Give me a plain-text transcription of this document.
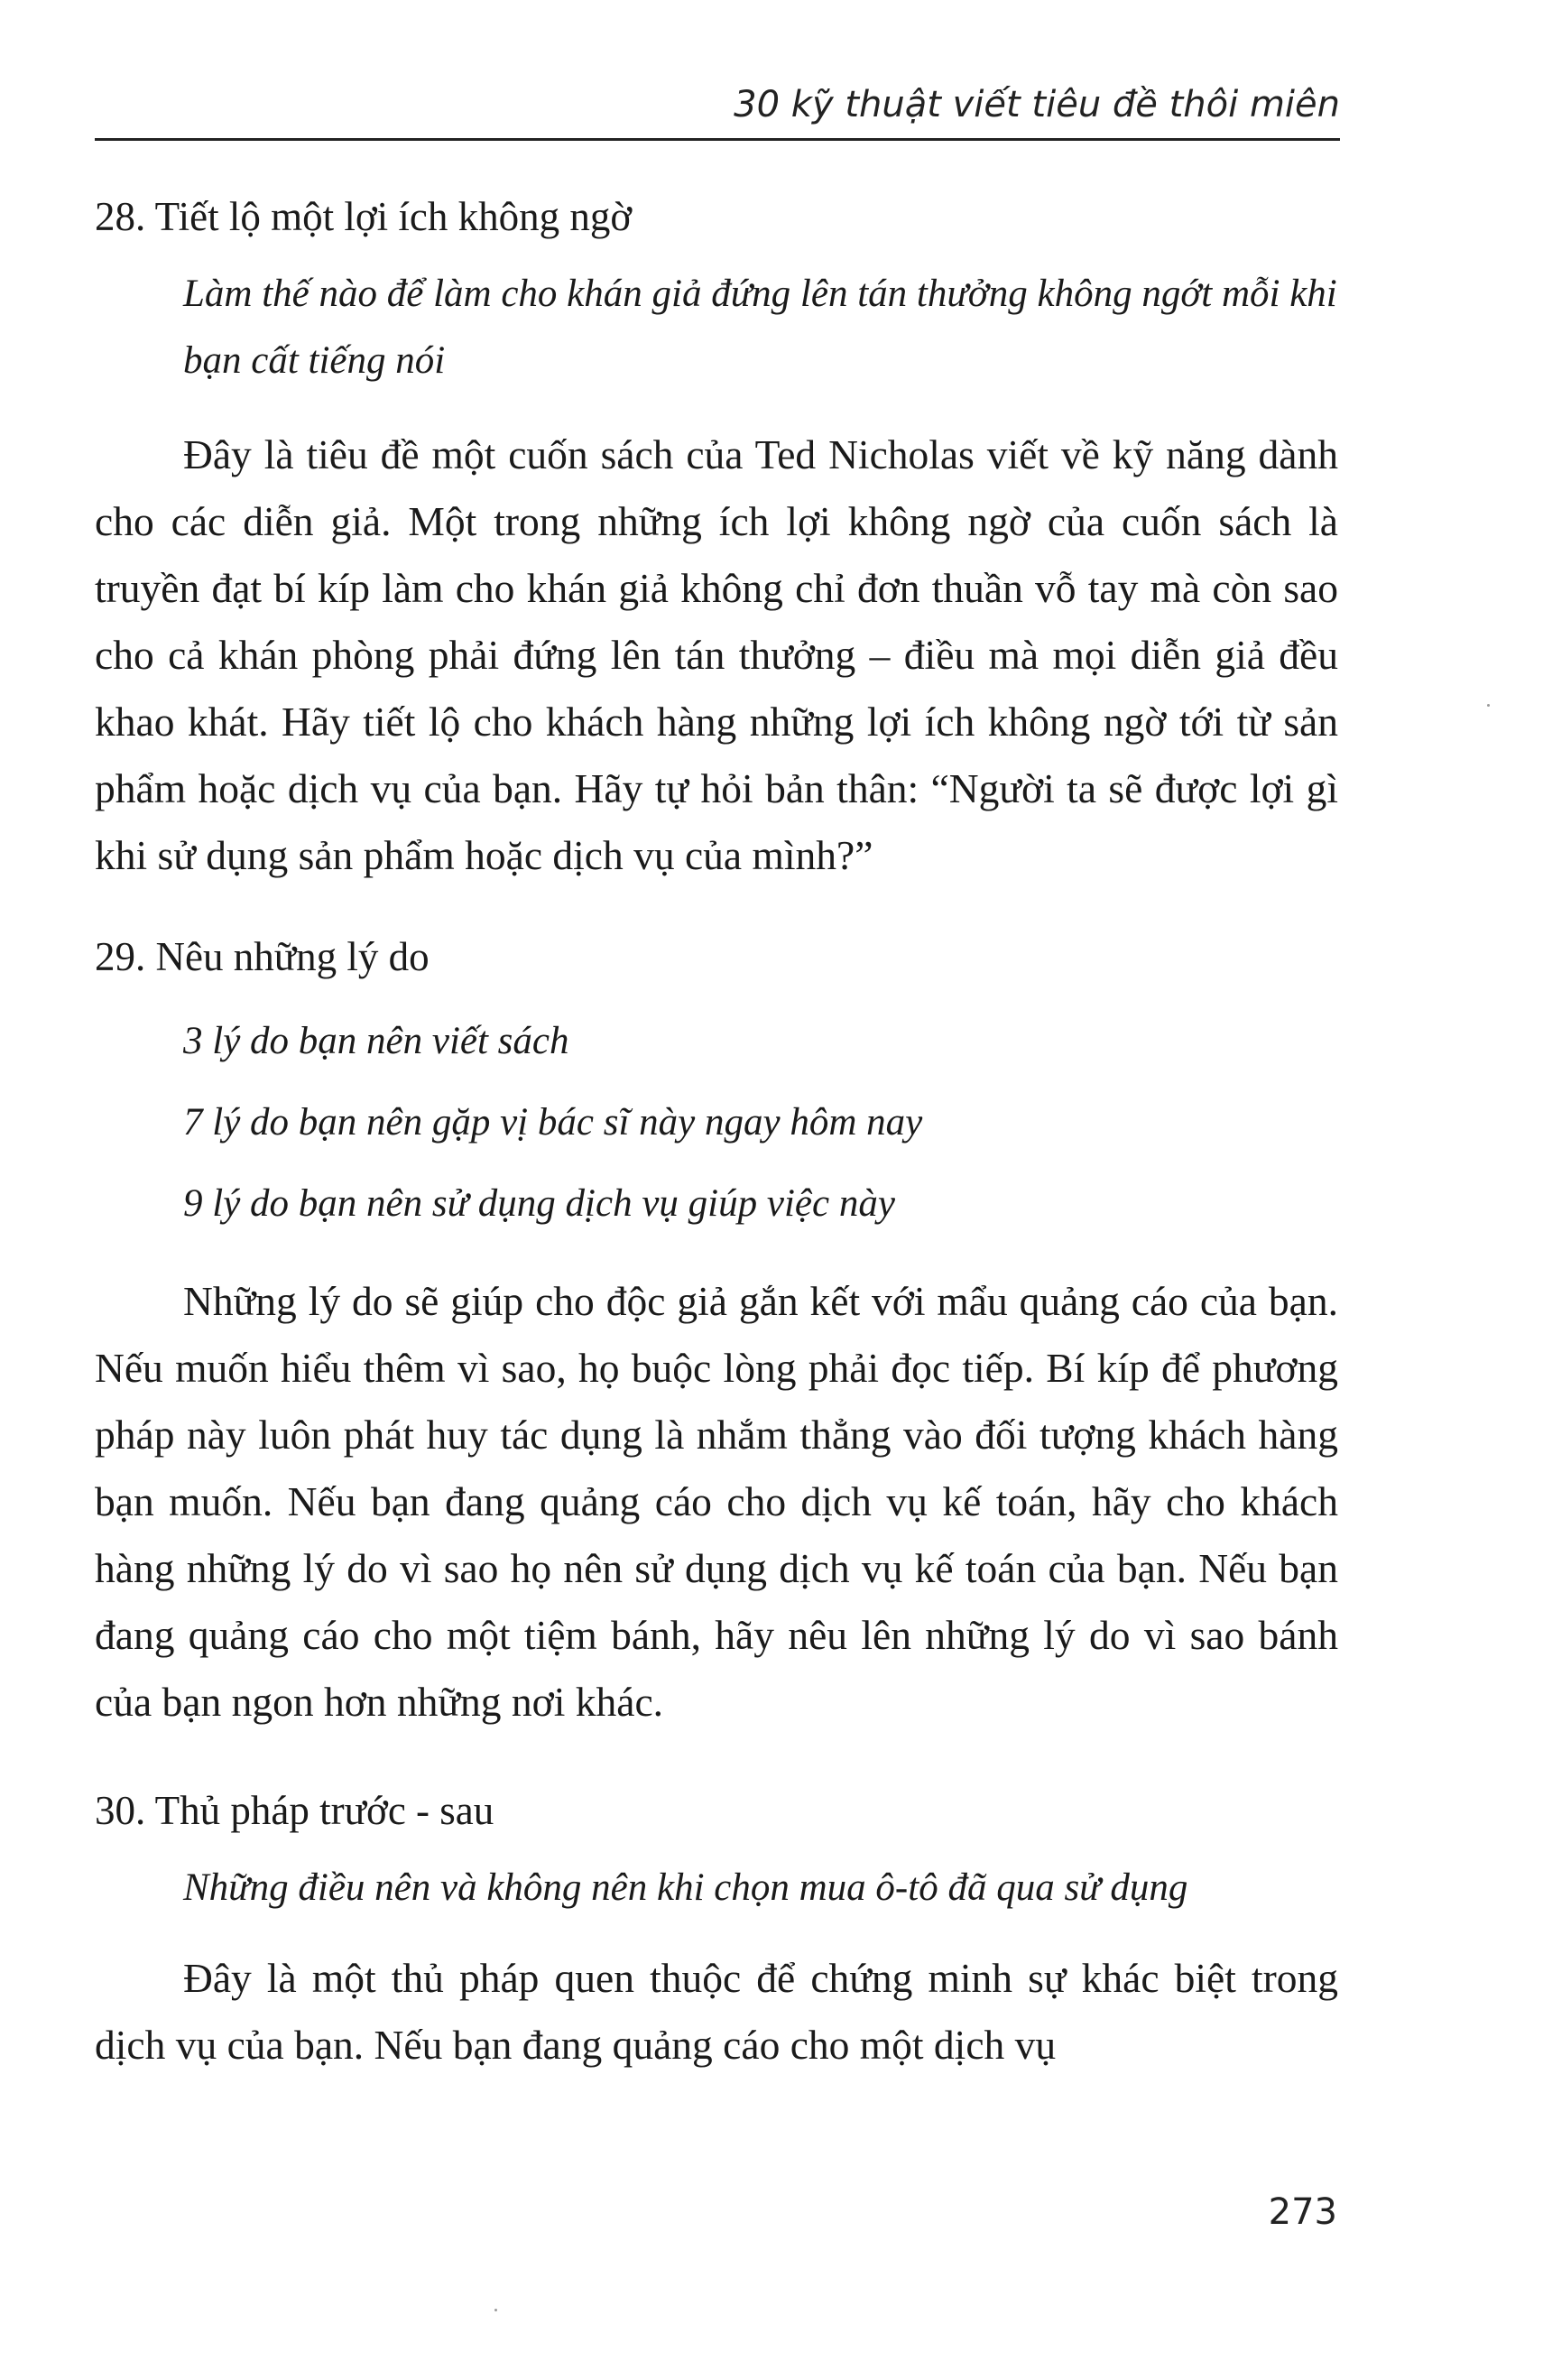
30 kỹ thuật viết tiêu đề thôi miên

28. Tiết lộ một lợi ích không ngờ

Làm thế nào để làm cho khán giả đứng lên tán thưởng không ngớt mỗi khi bạn cất tiếng nói

Đây là tiêu đề một cuốn sách của Ted Nicholas viết về kỹ năng dành cho các diễn giả. Một trong những ích lợi không ngờ của cuốn sách là truyền đạt bí kíp làm cho khán giả không chỉ đơn thuần vỗ tay mà còn sao cho cả khán phòng phải đứng lên tán thưởng – điều mà mọi diễn giả đều khao khát. Hãy tiết lộ cho khách hàng những lợi ích không ngờ tới từ sản phẩm hoặc dịch vụ của bạn. Hãy tự hỏi bản thân: “Người ta sẽ được lợi gì khi sử dụng sản phẩm hoặc dịch vụ của mình?”

29. Nêu những lý do

3 lý do bạn nên viết sách

7 lý do bạn nên gặp vị bác sĩ này ngay hôm nay

9 lý do bạn nên sử dụng dịch vụ giúp việc này

Những lý do sẽ giúp cho độc giả gắn kết với mẩu quảng cáo của bạn. Nếu muốn hiểu thêm vì sao, họ buộc lòng phải đọc tiếp. Bí kíp để phương pháp này luôn phát huy tác dụng là nhắm thẳng vào đối tượng khách hàng bạn muốn. Nếu bạn đang quảng cáo cho dịch vụ kế toán, hãy cho khách hàng những lý do vì sao họ nên sử dụng dịch vụ kế toán của bạn. Nếu bạn đang quảng cáo cho một tiệm bánh, hãy nêu lên những lý do vì sao bánh của bạn ngon hơn những nơi khác.

30. Thủ pháp trước - sau

Những điều nên và không nên khi chọn mua ô-tô đã qua sử dụng

Đây là một thủ pháp quen thuộc để chứng minh sự khác biệt trong dịch vụ của bạn. Nếu bạn đang quảng cáo cho một dịch vụ

273
